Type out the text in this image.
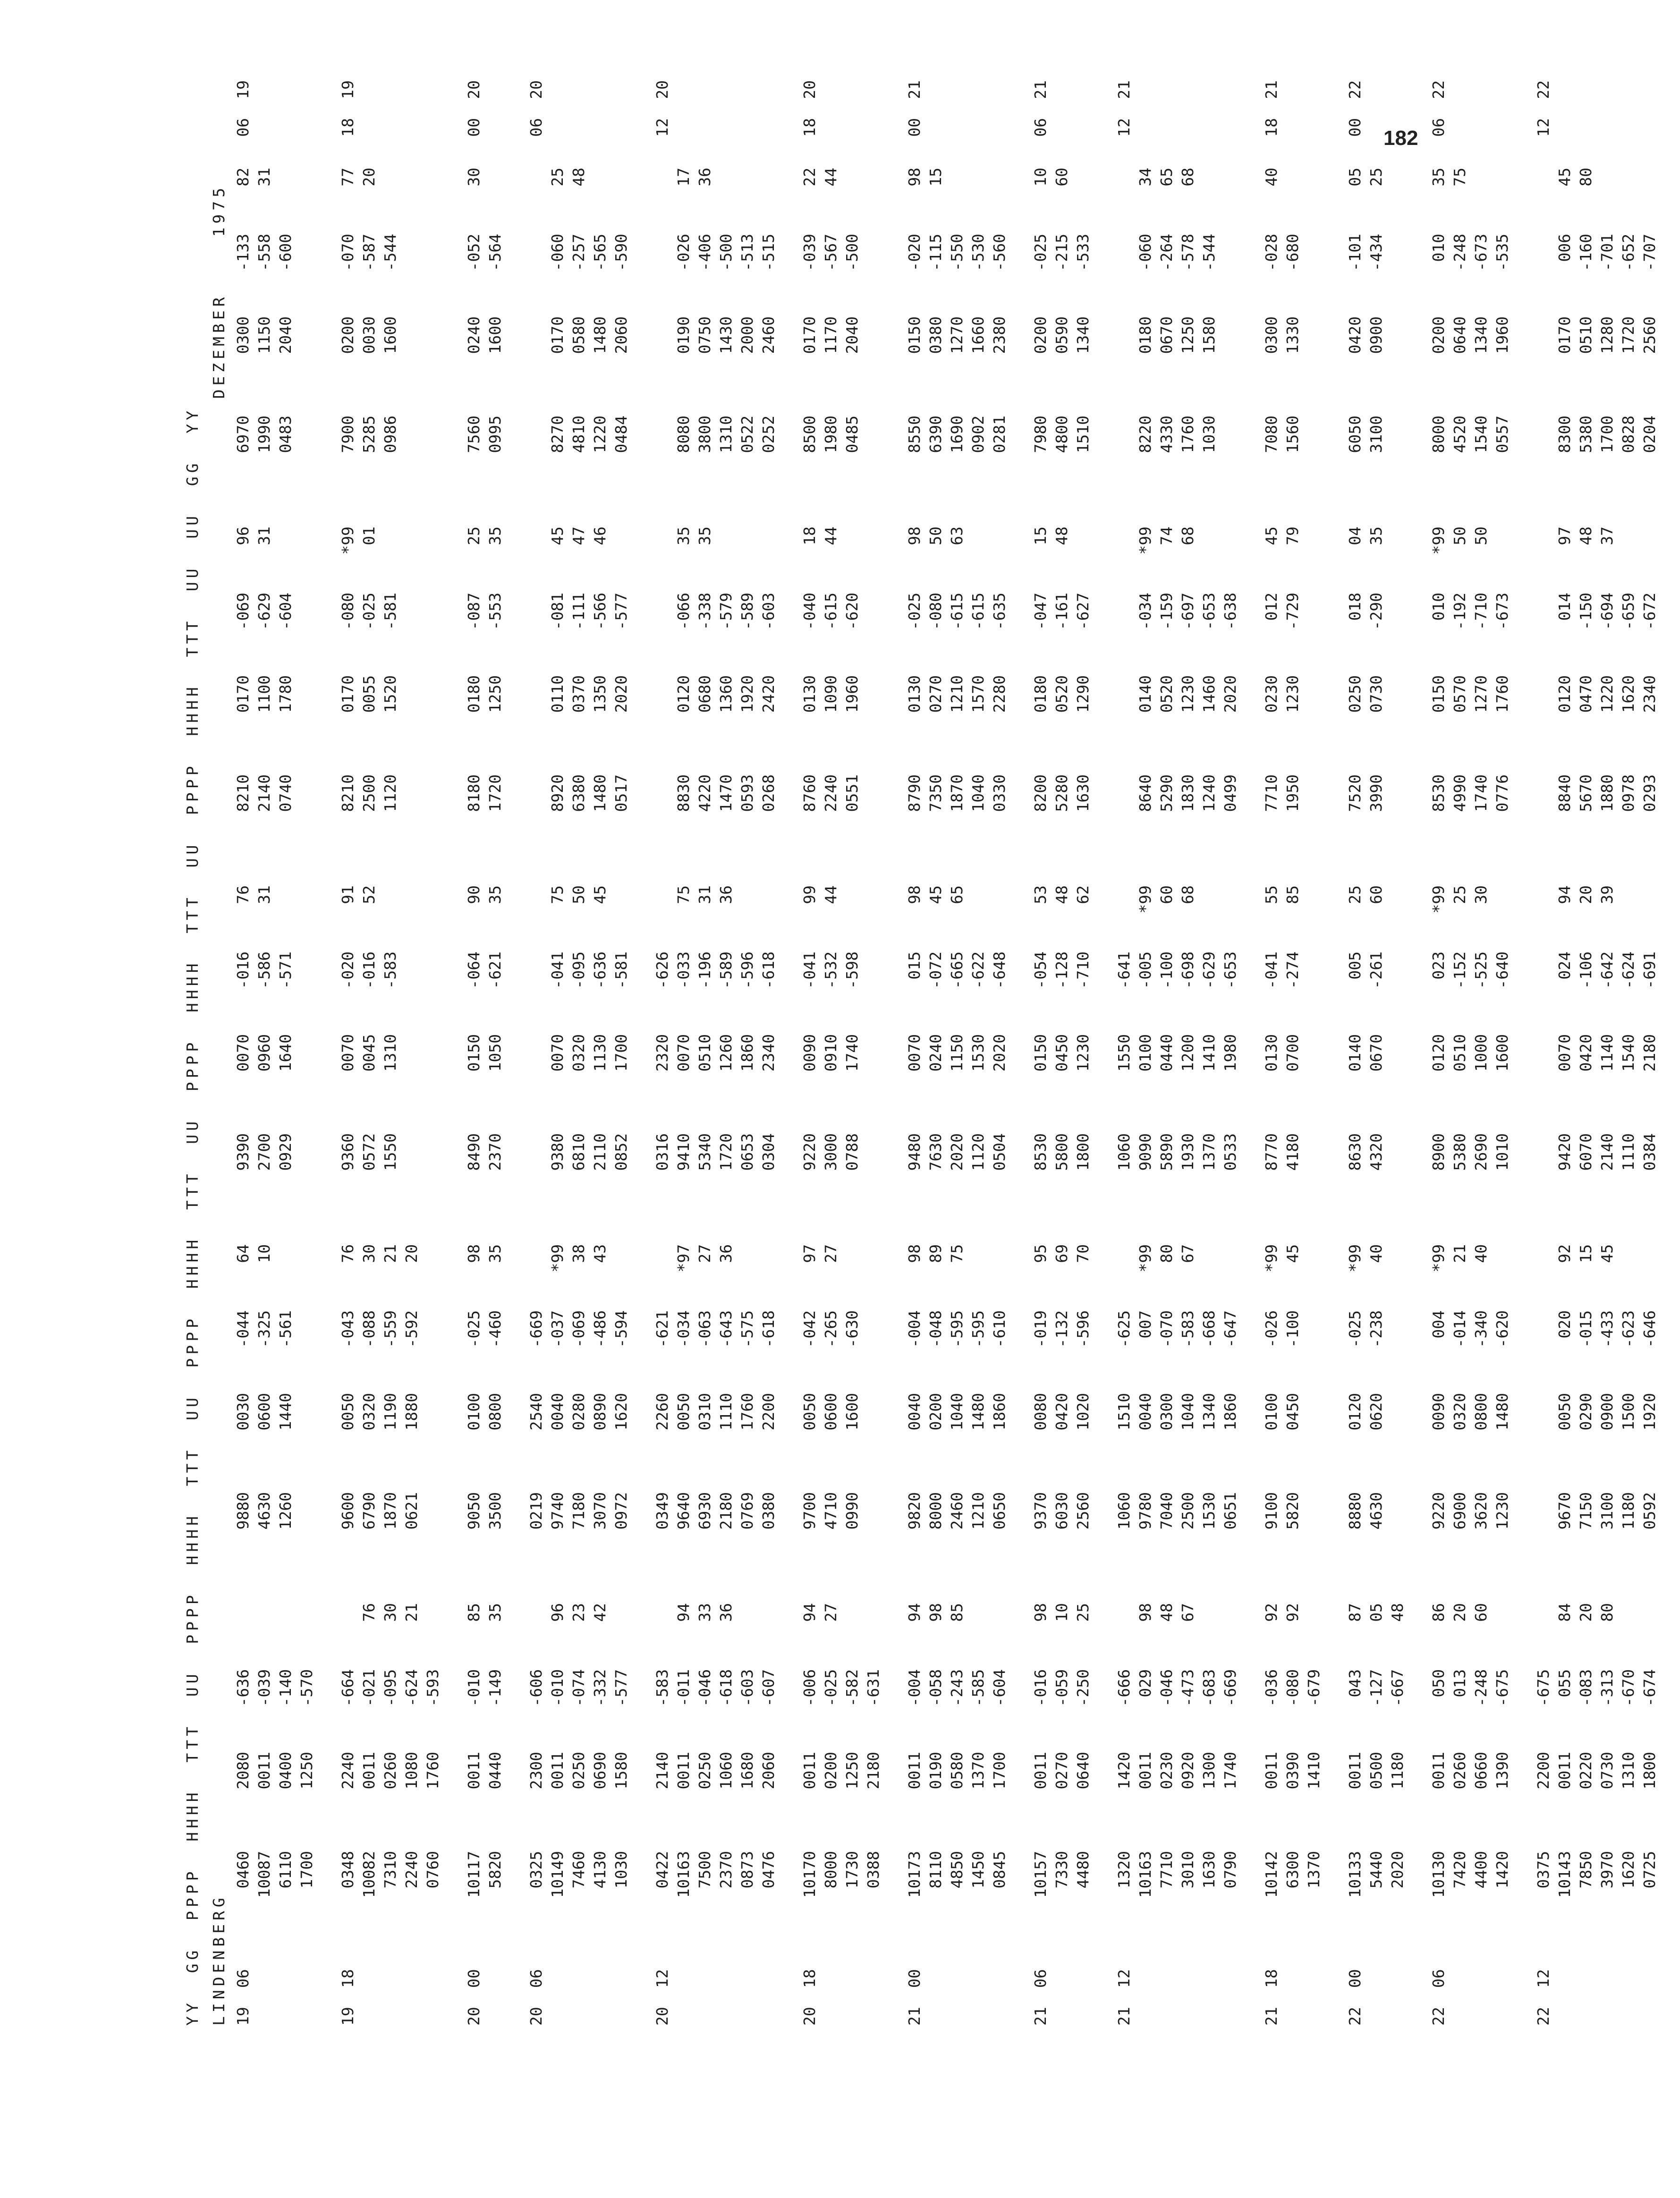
182
YY  GG  PPPP  HHHH  TTT  UU  PPPP  HHHH  TTT  UU  PPPP  HHHH  TTT  UU  PPPP  HHHH  TTT  UU  PPPP  HHHH  TTT  UU  UU  GG  YY
LINDENBERG
DEZEMBER
1975
19
06
0460
2080
-636
9880
0030
-044
64
9390
0070
-016
76
8210
0170
-069
96
6970
0300
-133
82
06
19
10087
0011
-039
4630
0600
-325
10
2700
0960
-586
31
2140
1100
-629
31
1990
1150
-558
31
6110
0400
-140
1260
1440
-561
0929
1640
-571
0740
1780
-604
0483
2040
-600
1700
1250
-570
19
18
0348
2240
-664
9600
0050
-043
76
9360
0070
-020
91
8210
0170
-080
*99
7900
0200
-070
77
18
19
10082
0011
-021
76
6790
0320
-088
30
0572
0045
-016
52
2500
0055
-025
01
5285
0030
-587
20
7310
0260
-095
30
1870
1190
-559
21
1550
1310
-583
1120
1520
-581
0986
1600
-544
2240
1080
-624
21
0621
1880
-592
20
0760
1760
-593
20
00
10117
0011
-010
85
9050
0100
-025
98
8490
0150
-064
90
8180
0180
-087
25
7560
0240
-052
30
00
20
5820
0440
-149
35
3500
0800
-460
35
2370
1050
-621
35
1720
1250
-553
35
0995
1600
-564
20
06
0325
2300
-606
0219
2540
-669
06
20
10149
0011
-010
96
9740
0040
-037
*99
9380
0070
-041
75
8920
0110
-081
45
8270
0170
-060
25
7460
0250
-074
23
7180
0280
-069
38
6810
0320
-095
50
6380
0370
-111
47
4810
0580
-257
48
4130
0690
-332
42
3070
0890
-486
43
2110
1130
-636
45
1480
1350
-566
46
1220
1480
-565
1030
1580
-577
0972
1620
-594
0852
1700
-581
0517
2020
-577
0484
2060
-590
20
12
0422
2140
-583
0349
2260
-621
0316
2320
-626
12
20
10163
0011
-011
94
9640
0050
-034
*97
9410
0070
-033
75
8830
0120
-066
35
8080
0190
-026
17
7500
0250
-046
33
6930
0310
-063
27
5340
0510
-196
31
4220
0680
-338
35
3800
0750
-406
36
2370
1060
-618
36
2180
1110
-643
36
1720
1260
-589
36
1470
1360
-579
1310
1430
-500
0873
1680
-603
0769
1760
-575
0653
1860
-596
0593
1920
-589
0522
2000
-513
0476
2060
-607
0380
2200
-618
0304
2340
-618
0268
2420
-603
0252
2460
-515
20
18
10170
0011
-006
94
9700
0050
-042
97
9220
0090
-041
99
8760
0130
-040
18
8500
0170
-039
22
18
20
8000
0200
-025
27
4710
0600
-265
27
3000
0910
-532
44
2240
1090
-615
44
1980
1170
-567
44
1730
1250
-582
0990
1600
-630
0788
1740
-598
0551
1960
-620
0485
2040
-500
0388
2180
-631
21
00
10173
0011
-004
94
9820
0040
-004
98
9480
0070
015
98
8790
0130
-025
98
8550
0150
-020
98
00
21
8110
0190
-058
98
8000
0200
-048
89
7630
0240
-072
45
7350
0270
-080
50
6390
0380
-115
15
4850
0580
-243
85
2460
1040
-595
75
2020
1150
-665
65
1870
1210
-615
63
1690
1270
-550
1450
1370
-585
1210
1480
-595
1120
1530
-622
1040
1570
-615
0902
1660
-530
0845
1700
-604
0650
1860
-610
0504
2020
-648
0330
2280
-635
0281
2380
-560
21
06
10157
0011
-016
98
9370
0080
-019
95
8530
0150
-054
53
8200
0180
-047
15
7980
0200
-025
10
06
21
7330
0270
-059
10
6030
0420
-132
69
5800
0450
-128
48
5280
0520
-161
48
4800
0590
-215
60
4480
0640
-250
25
2560
1020
-596
70
1800
1230
-710
62
1630
1290
-627
1510
1340
-533
21
12
1320
1420
-666
1060
1510
-625
1060
1550
-641
12
21
10163
0011
029
98
9780
0040
007
*99
9090
0100
-005
*99
8640
0140
-034
*99
8220
0180
-060
34
7710
0230
-046
48
7040
0300
-070
80
5890
0440
-100
60
5290
0520
-159
74
4330
0670
-264
65
3010
0920
-473
67
2500
1040
-583
67
1930
1200
-698
68
1830
1230
-697
68
1760
1250
-578
68
1630
1300
-683
1530
1340
-668
1370
1410
-629
1240
1460
-653
1030
1580
-544
0790
1740
-669
0651
1860
-647
0533
1980
-653
0499
2020
-638
21
18
10142
0011
-036
92
9100
0100
-026
*99
8770
0130
-041
55
7710
0230
012
45
7080
0300
-028
40
18
21
6300
0390
-080
92
5820
0450
-100
45
4180
0700
-274
85
1950
1230
-729
79
1560
1330
-680
1370
1410
-679
22
00
10133
0011
043
87
8880
0120
-025
*99
8630
0140
005
25
7520
0250
018
04
6050
0420
-101
05
00
22
5440
0500
-127
05
4630
0620
-238
40
4320
0670
-261
60
3990
0730
-290
35
3100
0900
-434
25
2020
1180
-667
48
22
06
10130
0011
050
86
9220
0090
004
*99
8900
0120
023
*99
8530
0150
010
*99
8000
0200
010
35
06
22
7420
0260
013
20
6900
0320
-014
21
5380
0510
-152
25
4990
0570
-192
50
4520
0640
-248
75
4400
0660
-248
60
3620
0800
-340
40
2690
1000
-525
30
1740
1270
-710
50
1540
1340
-673
1420
1390
-675
1230
1480
-620
1010
1600
-640
0776
1760
-673
0557
1960
-535
22
12
0375
2200
-675
12
22
10143
0011
055
84
9670
0050
020
92
9420
0070
024
94
8840
0120
014
97
8300
0170
006
45
7850
0220
-083
20
7150
0290
-015
15
6070
0420
-106
20
5670
0470
-150
48
5380
0510
-160
80
3970
0730
-313
80
3100
0900
-433
45
2140
1140
-642
39
1880
1220
-694
37
1700
1280
-701
1620
1310
-670
1180
1500
-623
1110
1540
-624
0978
1620
-659
0828
1720
-652
0725
1800
-674
0592
1920
-646
0384
2180
-691
0293
2340
-672
0204
2560
-707
